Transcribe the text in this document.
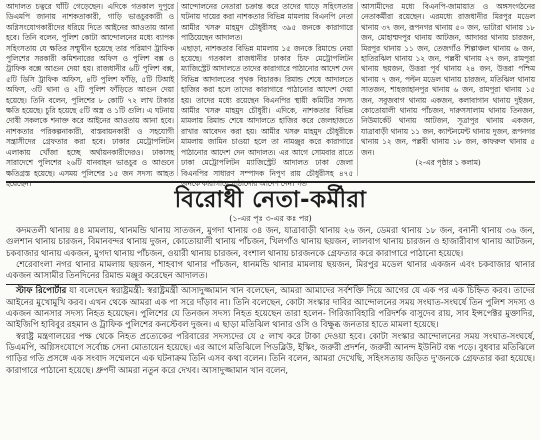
আদালত চত্বরে ঘাঁটি গেড়েছেন। এদিকে গতকাল দুপুরে ডিএমপি জানায় নাশকতাকারী, গাড়ি ভাঙচুরকারী ও অগ্নিসংযোগকারীদের ধরিয়ে দিতে আইনের আওতায় আনা হবে। তিনি বলেন, পুলিশ কোটা আন্দোলনের মধ্যে ব্যাপক সহিংসতায় যে ক্ষতির সম্মুখীন হয়েছে তার পরিমাণ ট্রাফিক পুলিশের সরকারী কমিশনারের অফিস ও পুলিশ বক্স ও ট্রাফিক বক্সে আগুন দেয়া হয়। রাজধানীর ৬টি পুলিশ বক্স, ৫টি ডিসি ট্রাফিক অফিস, ৪টি পুলিশ ফাঁড়ি, ৫টি টিআই অফিস, ৩টি থানা ও ২টি পুলিশ ফাঁড়িতে আগুন দেয়া হয়েছে। তিনি বলেন, পুলিশের ৮ কোটি ৭২ লাখ টাকার ক্ষতি হয়েছে। চুরি হয়েছে ৫টি অস্ত্র ও ১টি গুলি। এ ঘটনায় দোষী সকলকে শনাক্ত করে আইনের আওতায় আনা হবে। নাশকতার পরিকল্পনাকারী, বাস্তবায়নকারী ও সহযোগী সন্ত্রাসীদের গ্রেফতার করা হবে। ঢাকার মেট্রোপলিটন এলাকায় খোঁজা হচ্ছে অর্থায়নকারীদেরও। ঢাকাসহ সারাদেশে পুলিশের ২৬টি যানবাহন ভাঙচুর ও আগুনে ক্ষতিগ্রস্ত হয়েছে। এসময় পুলিশের ১৫ জন সদস্য আহত হয়েছেন।

আন্দোলনের নেতারা চক্রান্ত করে তাদের ঘাড়ে সহিংসতার ঘটনায় দায়ের করা নাশকতার বিভিন্ন মামলায় বিএনপি নেতা আমীর খসরু মাহমুদ চৌধুরীসহ ৩৯৫ জনকে কারাগারে পাঠিয়েছেন আদালত।

এছাড়া, নাশকতার বিভিন্ন মামলায় ১৫ জনকে রিমান্ডে নেয়া হয়েছে। গতকাল রাজধানীর ঢাকার চিফ মেট্রোপলিটন ম্যাজিস্ট্রেট আদালতে তাদের কারাগারে পাঠানোর আদেশ দেন বিভিন্ন আদালতের পৃথক বিচারক। রিমান্ড শেষে আদালতে হাজির করা হলে তাদের কারাগারে পাঠানোর আদেশ দেয়া হয়। তাদের মধ্যে রয়েছেন বিএনপির স্থায়ী কমিটির সদস্য আমীর খসরু মাহমুদ চৌধুরী। এদিকে, নাশকতার বিভিন্ন মামলায় রিমান্ড শেষে আদালতে হাজির করে জেলহাজতে রাখার আবেদন করা হয়। আমীর খসরু মাহমুদ চৌধুরীকে মামলায় জামিন চাওয়া হলে তা নামঞ্জুর করে কারাগারে পাঠানোর আদেশ দেন আদালত। এর আগে সোমবার রাতে ঢাকা মেট্রোপলিটন ম্যাজিস্ট্রেট আদালত ঢাকা জেলা বিএনপির সাধারণ সম্পাদক নিপুণ রায় চৌধুরীসহ ৪৭৫ জনকে কারাগারে পাঠানোর আদেশ দেন। গত

আসামীদের মধ্যে বিএনপি-জামায়াত ও অঙ্গসংগঠনের নেতাকর্মীরা রয়েছেন। এরমধ্যে রাজধানীর মিরপুর মডেল থানায় ৩৭ জন, রূপনগর থানায় ৫০ জন, ভাটারা থানায় ১৮ জন, মোহাম্মদপুর থানায় আটজন, আদাবর থানায় চারজন, মিরপুর থানায় ১১ জন, তেজগাঁও শিল্পাঞ্চল থানায় ৬ জন, হাতিরঝিল থানায় ১২ জন, পল্লবী থানায় ২৭ জন, রামপুরা থানায় ছয়জন, উত্তরা পূর্ব থানায় ২৪ জন, উত্তরা পশ্চিম থানায় ৭ জন, পল্টন মডেল থানায় চারজন, মতিঝিল থানায় সাতজন, শাহজাহানপুর থানায় ৬ জন, রামপুরা থানায় ১৫ জন, সবুজবাগ থানায় একজন, কলাবাগান থানায় দুইজন, কোতোয়ালী থানায় পাঁচজন, দারুসসালাম থানায় তিনজন, নিউমার্কেট থানায় আটজন, সূত্রাপুর থানায় একজন, যাত্রাবাড়ী থানায় ১১ জন, ক্যান্টনমেন্ট থানায় দুজন, রূপনগর থানায় ১২ জন, পল্লবী থানায় ১৮ জন, কাফরুল থানায় ৫ জন।

(২-এর পৃষ্ঠার ১ কলাম)
বিরোধী নেতা-কর্মীরা
(১-এর পৃঃ ৩-এর কঃ পর)

কদমতলী থানায় ৪৪ মামলায়, থানমন্ডি থানায় সাতজন, মুগদা থানায় ৩৪ জন, যাত্রাবাড়ী থানায় ২৬ জন, ডেমরা থানায় ১৮ জন, বনানী থানায় ৩৬ জন, গুলশান থানায় চারজন, বিমানবন্দর থানায় দুজন, কোতোয়ালী থানায় পাঁচজন, খিলগাঁও থানায় ছয়জন, লালবাগ থানায় চারজন ও হাজারীবাগ থানায় আটজন, চকবাজার থানায় একজন, মুগদা থানায় পাঁচজন, ওয়ারী থানায় চারজন, বংশাল থানায় চারজনকে গ্রেফতার করে কারাগারে পাঠানো হয়েছে।

শেরেবাংলা নগর থানার মামলায় ছয়জন, শাহবাগ থানার পাঁচজন, ধানমন্ডি থানার মামলায় ছয়জন, মিরপুর মডেল থানার একজন এবং চকবাজার থানার একজন আসামীর তিনদিনের রিমান্ড মঞ্জুর করেছেন আদালত।

স্টাফ রিপোর্টার যা বলেছেন স্বরাষ্ট্রমন্ত্রী: স্বরাষ্ট্রমন্ত্রী আসাদুজ্জামান খান বলেছেন, আমরা আমাদের সর্বশক্তি দিয়ে আগের যে এক পর এক চিহ্নিত করব। তাদের আইনের মুখোমুখি করব। এখন থেকে আমরা এক পা সরে দাঁড়াব না। তিনি বলেছেন, কোটা সংস্কার দাবির আন্দোলনের সময় সংঘাত-সংঘর্ষে তিন পুলিশ সদস্য ও একজন আনসার সদস্য নিহত হয়েছেন। পুলিশের যে তিনজন সদস্য নিহত হয়েছেন তারা হলেন- গিরিজাবিহারি পরিদর্শক বাসুদেব রায়, সাব ইন্সপেক্টর মুক্তাদির, আইজিপি হাবিবুর রহমান ও ট্রাফিক পুলিশের কনস্টেবল দুজন। এ ছাড়া মতিঝিল থানার ওসি ও বিক্ষুব্ধ জনতার হাতে মামলা হয়েছে।

স্বরাষ্ট্র মন্ত্রণালয়ের পক্ষ থেকে নিহত প্রত্যেকের পরিবারের সদস্যদের যে ৫ লাখ করে টাকা দেওয়া হবে। কোটা সংস্কার আন্দোলনের সময় সংঘাত-সংঘর্ষে, ডিএমপি, অগ্নিসংযোগে সর্বোচ্চ সেনা মোতায়েন হয়েছে। এর আগে মতিঝিলে পিডব্লিউ, ইস্কিং, জরুরী প্রদর্শন, জরুরী আনন্দ ইউনিট বন্ধ পড়ে। বুধবার মতিঝিলে গাড়ির গতি প্রসঙ্গে এক সংবাদ সম্মেলনে এক ঘটনাক্রম তিনি এসব কথা বলেন। তিনি বলেন, আমরা দেখেছি, সহিংসতায় জড়িত দু'জনকে গ্রেফতার করা হয়েছে। কারাগারে পাঠানো হয়েছে। ধ্রুপদী আমরা নতুন করে দেখব। আসাদুজ্জামান খান বলেন,
